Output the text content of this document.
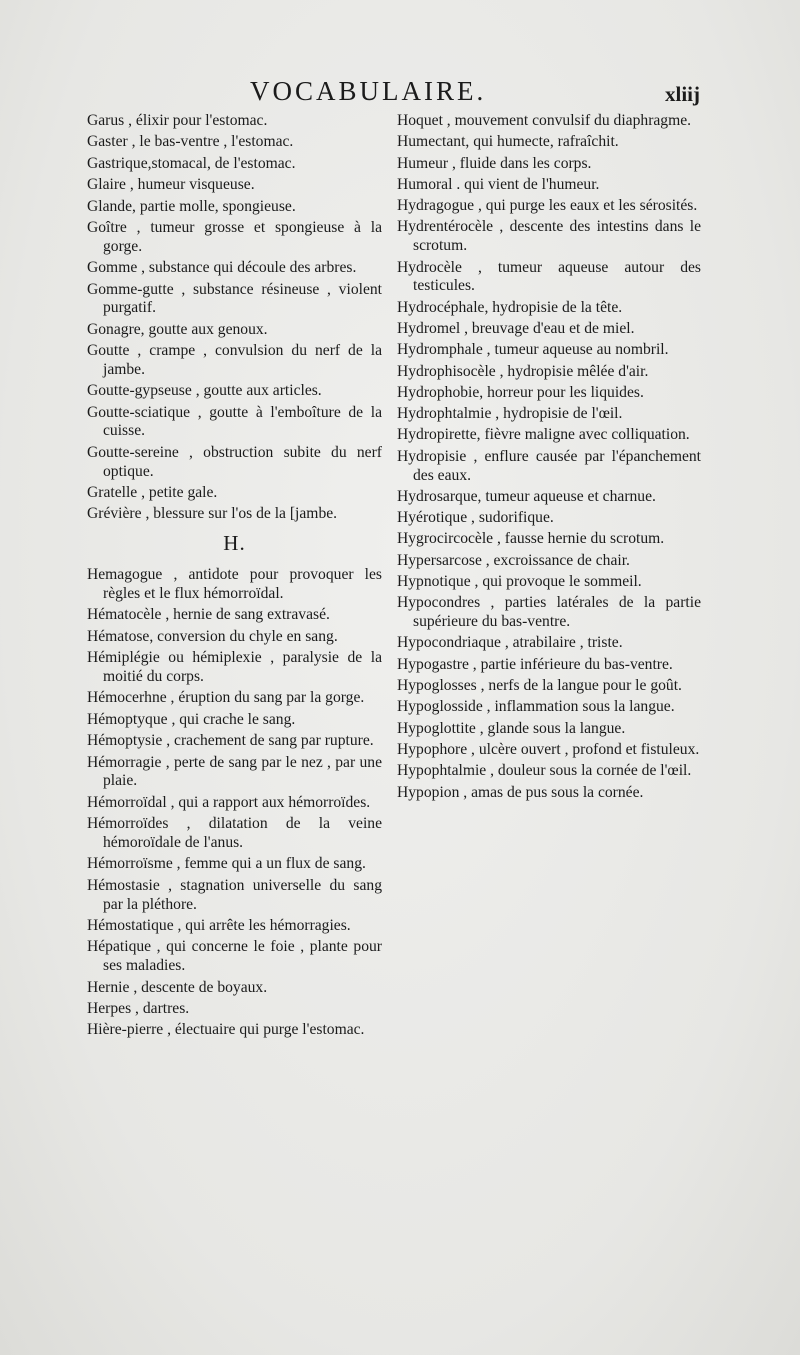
VOCABULAIRE.	xliij

Garus , élixir pour l'estomac.

Gaster , le bas-ventre , l'estomac.

Gastrique,stomacal, de l'estomac.

Glaire , humeur visqueuse.

Glande, partie molle, spongieuse.

Goître , tumeur grosse et spongieuse à la gorge.

Gomme , substance qui découle des arbres.

Gomme-gutte , substance résineuse , violent purgatif.

Gonagre, goutte aux genoux.

Goutte , crampe , convulsion du nerf de la jambe.

Goutte-gypseuse , goutte aux articles.

Goutte-sciatique , goutte à l'emboîture de la cuisse.

Goutte-sereine , obstruction subite du nerf optique.

Gratelle , petite gale.

Grévière , blessure sur l'os de la [jambe.

H.

Hemagogue , antidote pour provoquer les règles et le flux hémorroïdal.

Hématocèle , hernie de sang extravasé.

Hématose, conversion du chyle en sang.

Hémiplégie ou hémiplexie , paralysie de la moitié du corps.

Hémocerhne , éruption du sang par la gorge.

Hémoptyque , qui crache le sang.

Hémoptysie , crachement de sang par rupture.

Hémorragie , perte de sang par le nez , par une plaie.

Hémorroïdal , qui a rapport aux hémorroïdes.

Hémorroïdes , dilatation de la veine hémoroïdale de l'anus.

Hémorroïsme , femme qui a un flux de sang.

Hémostasie , stagnation universelle du sang par la pléthore.

Hémostatique , qui arrête les hémorragies.

Hépatique , qui concerne le foie , plante pour ses maladies.

Hernie , descente de boyaux.

Herpes , dartres.

Hière-pierre , électuaire qui purge l'estomac.

Hoquet , mouvement convulsif du diaphragme.

Humectant, qui humecte, rafraîchit.

Humeur , fluide dans les corps.

Humoral . qui vient de l'humeur.

Hydragogue , qui purge les eaux et les sérosités.

Hydrentérocèle , descente des intestins dans le scrotum.

Hydrocèle , tumeur aqueuse autour des testicules.

Hydrocéphale, hydropisie de la tête.

Hydromel , breuvage d'eau et de miel.

Hydromphale , tumeur aqueuse au nombril.

Hydrophisocèle , hydropisie mêlée d'air.

Hydrophobie, horreur pour les liquides.

Hydrophtalmie , hydropisie de l'œil.

Hydropirette, fièvre maligne avec colliquation.

Hydropisie , enflure causée par l'épanchement des eaux.

Hydrosarque, tumeur aqueuse et charnue.

Hyérotique , sudorifique.

Hygrocircocèle , fausse hernie du scrotum.

Hypersarcose , excroissance de chair.

Hypnotique , qui provoque le sommeil.

Hypocondres , parties latérales de la partie supérieure du bas-ventre.

Hypocondriaque , atrabilaire , triste.

Hypogastre , partie inférieure du bas-ventre.

Hypoglosses , nerfs de la langue pour le goût.

Hypoglosside , inflammation sous la langue.

Hypoglottite , glande sous la langue.

Hypophore , ulcère ouvert , profond et fistuleux.

Hypophtalmie , douleur sous la cornée de l'œil.

Hypopion , amas de pus sous la cornée.
